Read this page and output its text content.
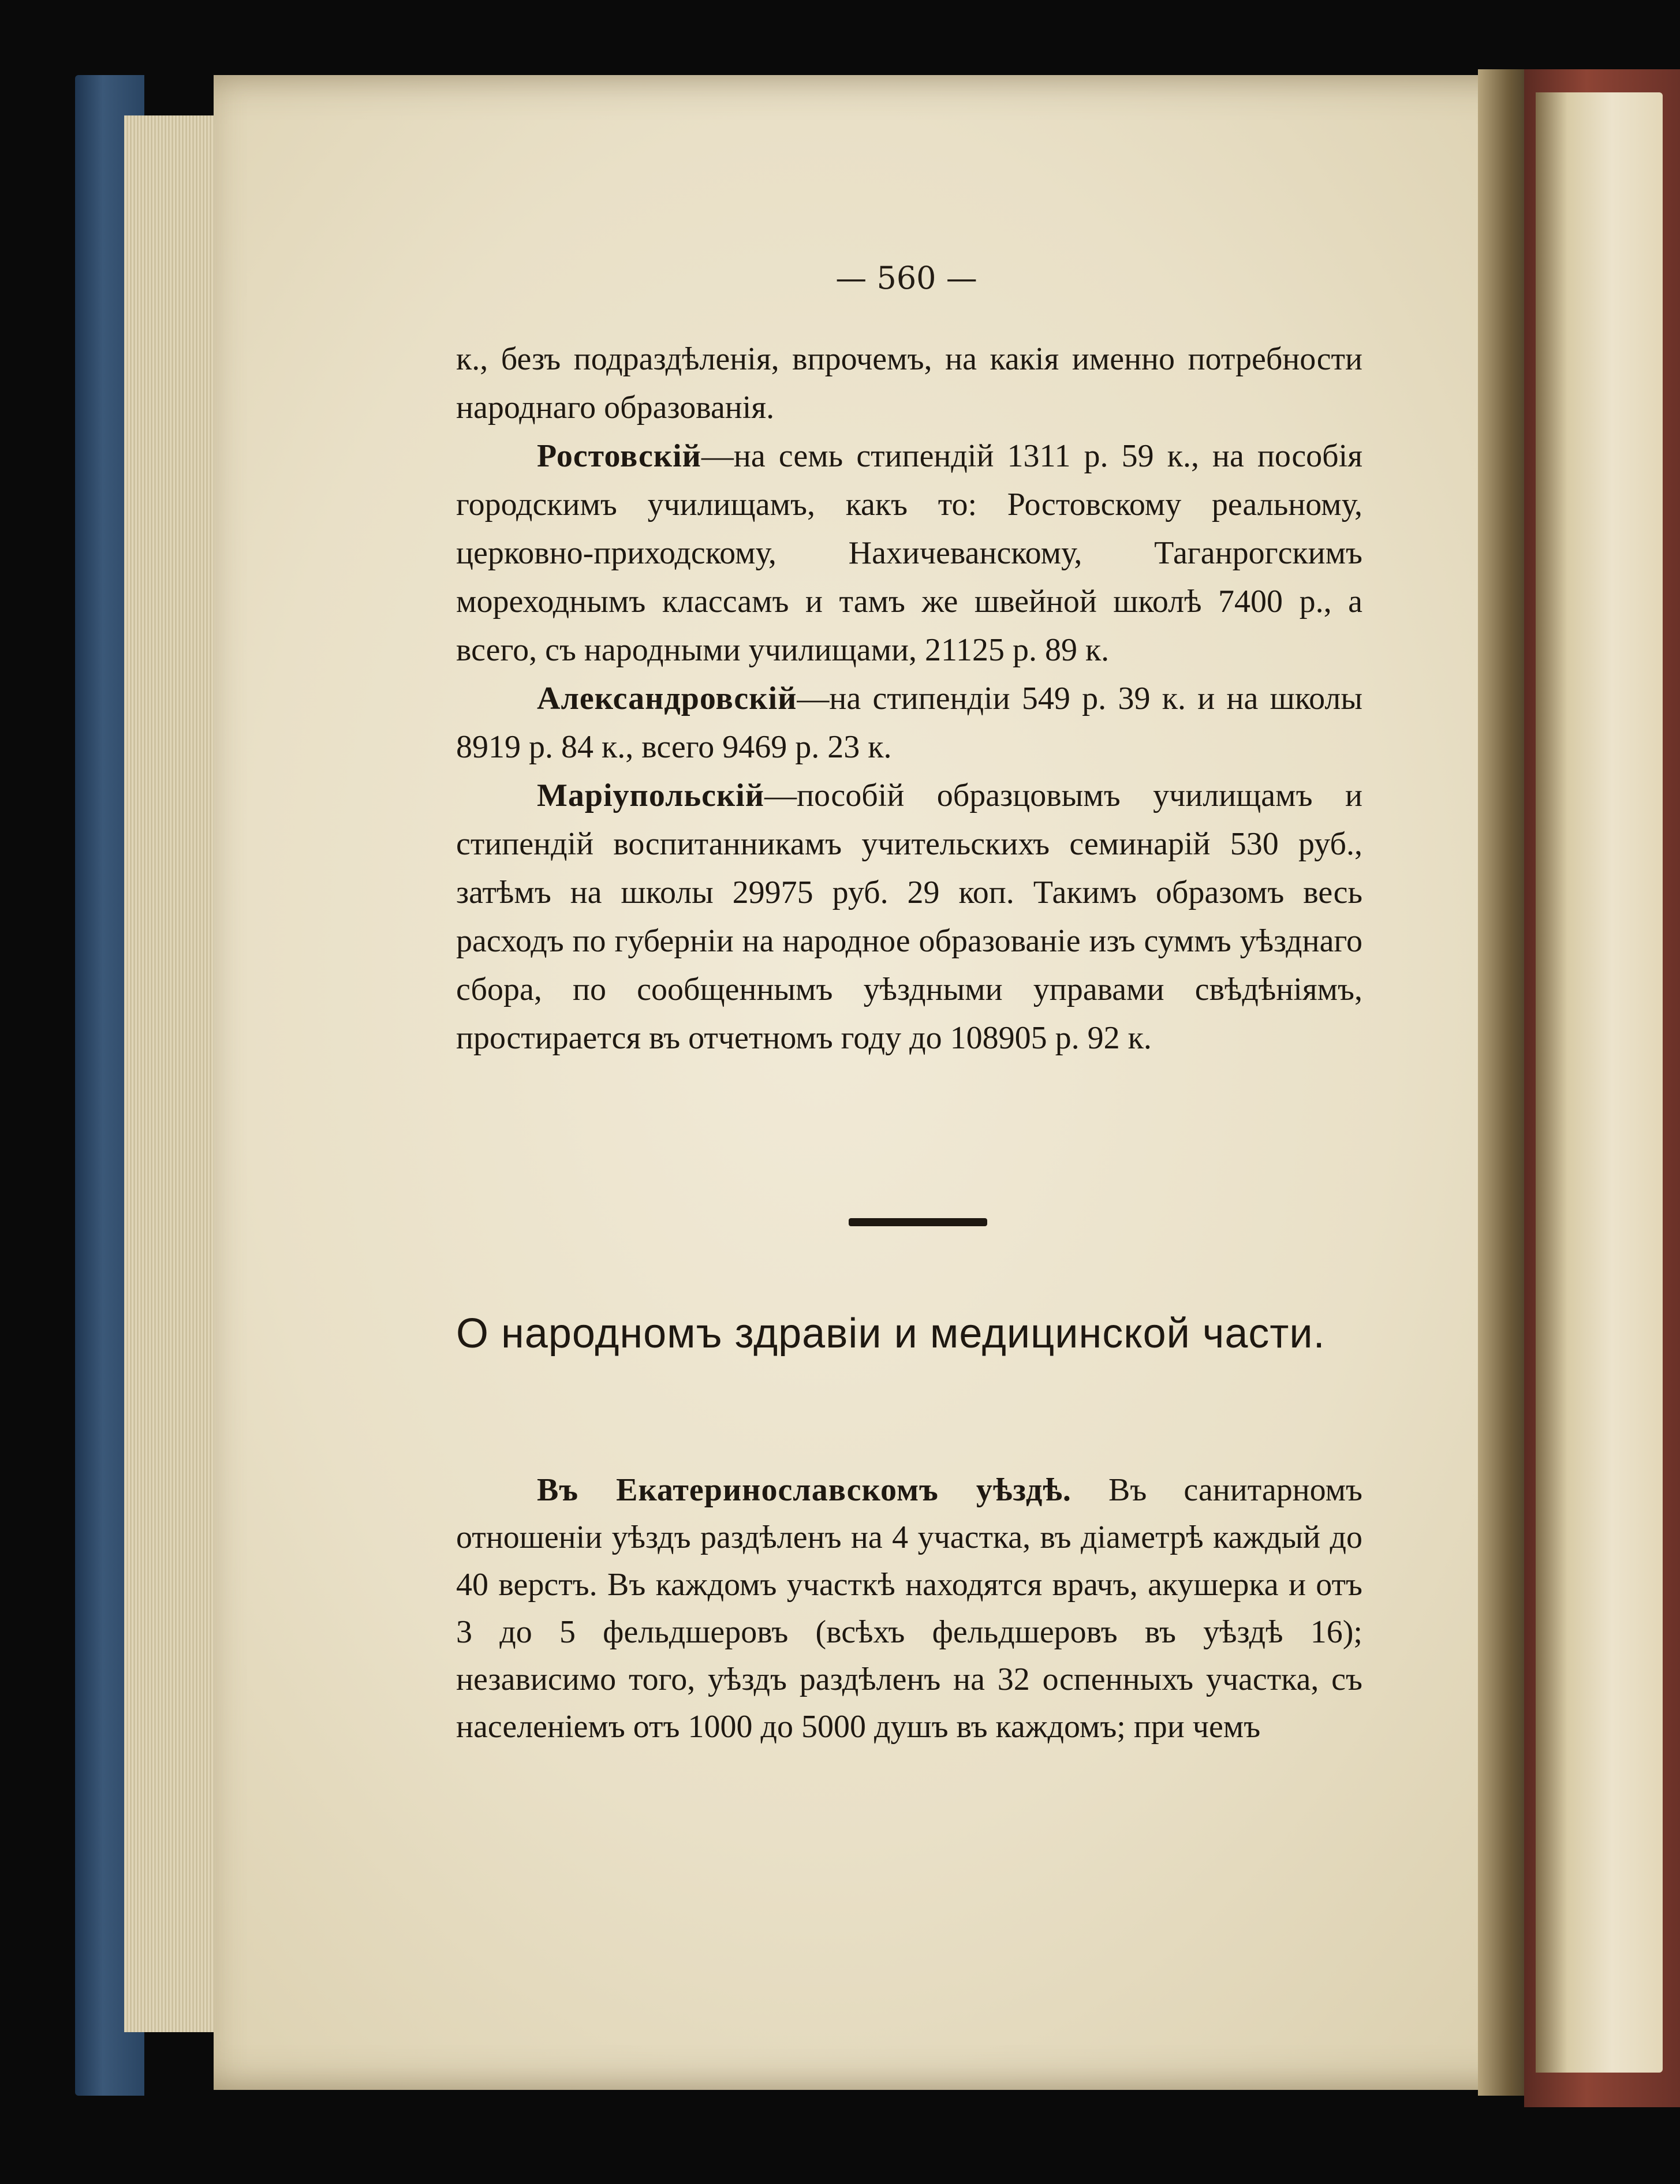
— 560 —

к., безъ подраздѣленія, впрочемъ, на какія именно потребности народнаго образованія.

Ростовскій—на семь стипендій 1311 р. 59 к., на пособія городскимъ училищамъ, какъ то: Ростовскому реальному, церковно-приходскому, Нахичеванскому, Таганрогскимъ мореходнымъ классамъ и тамъ же швейной школѣ 7400 р., а всего, съ народными училищами, 21125 р. 89 к.

Александровскій—на стипендіи 549 р. 39 к. и на школы 8919 р. 84 к., всего 9469 р. 23 к.

Маріупольскій—пособій образцовымъ училищамъ и стипендій воспитанникамъ учительскихъ семинарій 530 руб., затѣмъ на школы 29975 руб. 29 коп. Такимъ образомъ весь расходъ по губерніи на народное образованіе изъ суммъ уѣзднаго сбора, по сообщеннымъ уѣздными управами свѣдѣніямъ, простирается въ отчетномъ году до 108905 р. 92 к.

О народномъ здравіи и медицинской части.

Въ Екатеринославскомъ уѣздѣ. Въ санитарномъ отношеніи уѣздъ раздѣленъ на 4 участка, въ діаметрѣ каждый до 40 верстъ. Въ каждомъ участкѣ находятся врачъ, акушерка и отъ 3 до 5 фельдшеровъ (всѣхъ фельдшеровъ въ уѣздѣ 16); независимо того, уѣздъ раздѣленъ на 32 оспенныхъ участка, съ населеніемъ отъ 1000 до 5000 душъ въ каждомъ; при чемъ
